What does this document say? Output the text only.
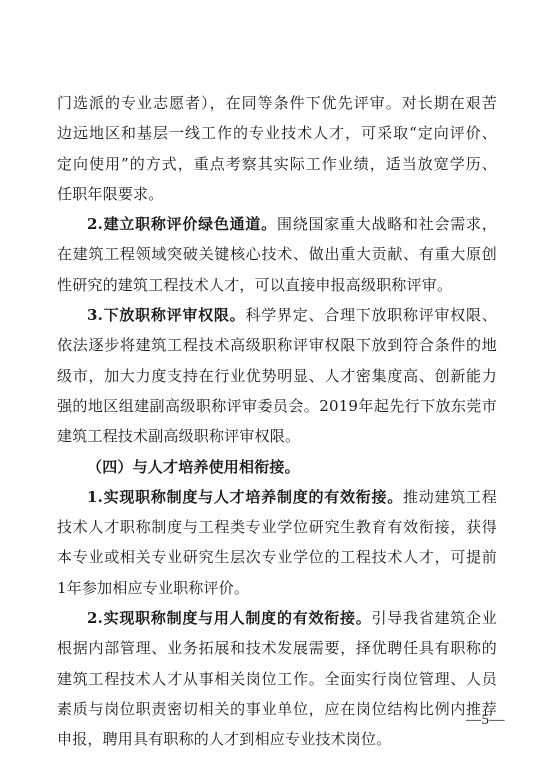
门选派的专业志愿者），在同等条件下优先评审。对长期在艰苦
边远地区和基层一线工作的专业技术人才，可采取“定向评价、
定向使用”的方式，重点考察其实际工作业绩，适当放宽学历、
任职年限要求。
2.建立职称评价绿色通道。围绕国家重大战略和社会需求，
在建筑工程领域突破关键核心技术、做出重大贡献、有重大原创
性研究的建筑工程技术人才，可以直接申报高级职称评审。
3.下放职称评审权限。科学界定、合理下放职称评审权限、
依法逐步将建筑工程技术高级职称评审权限下放到符合条件的地
级市，加大力度支持在行业优势明显、人才密集度高、创新能力
强的地区组建副高级职称评审委员会。2019年起先行下放东莞市
建筑工程技术副高级职称评审权限。
（四）与人才培养使用相衔接。
1.实现职称制度与人才培养制度的有效衔接。推动建筑工程
技术人才职称制度与工程类专业学位研究生教育有效衔接，获得
本专业或相关专业研究生层次专业学位的工程技术人才，可提前
1年参加相应专业职称评价。
2.实现职称制度与用人制度的有效衔接。引导我省建筑企业
根据内部管理、业务拓展和技术发展需要，择优聘任具有职称的
建筑工程技术人才从事相关岗位工作。全面实行岗位管理、人员
素质与岗位职责密切相关的事业单位，应在岗位结构比例内推荐
申报，聘用具有职称的人才到相应专业技术岗位。
—5—
